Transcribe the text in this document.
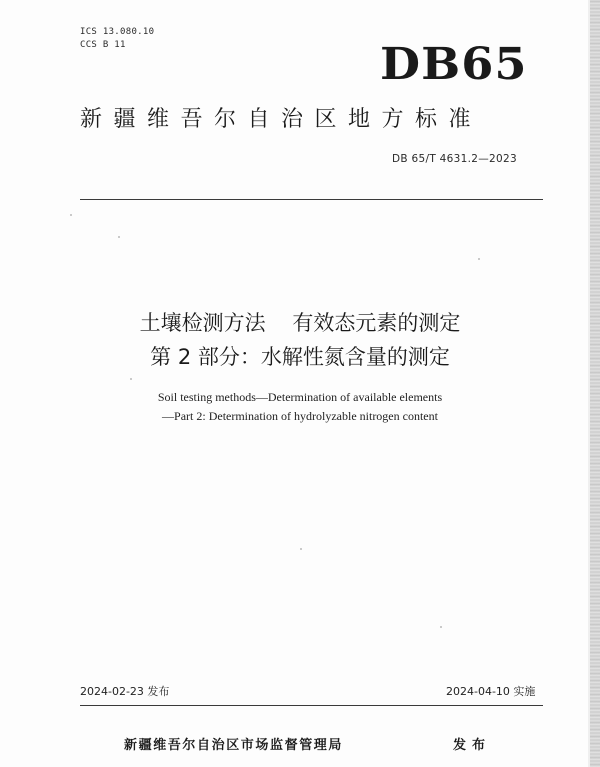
ICS 13.080.10
CCS B 11	DB65
新疆维吾尔自治区地方标准
DB 65/T 4631.2—2023
土壤检测方法    有效态元素的测定
第 2 部分：水解性氮含量的测定
Soil testing methods—Determination of available elements
—Part 2: Determination of hydrolyzable nitrogen content
2024-02-23 发布	2024-04-10 实施
新疆维吾尔自治区市场监督管理局	发布
